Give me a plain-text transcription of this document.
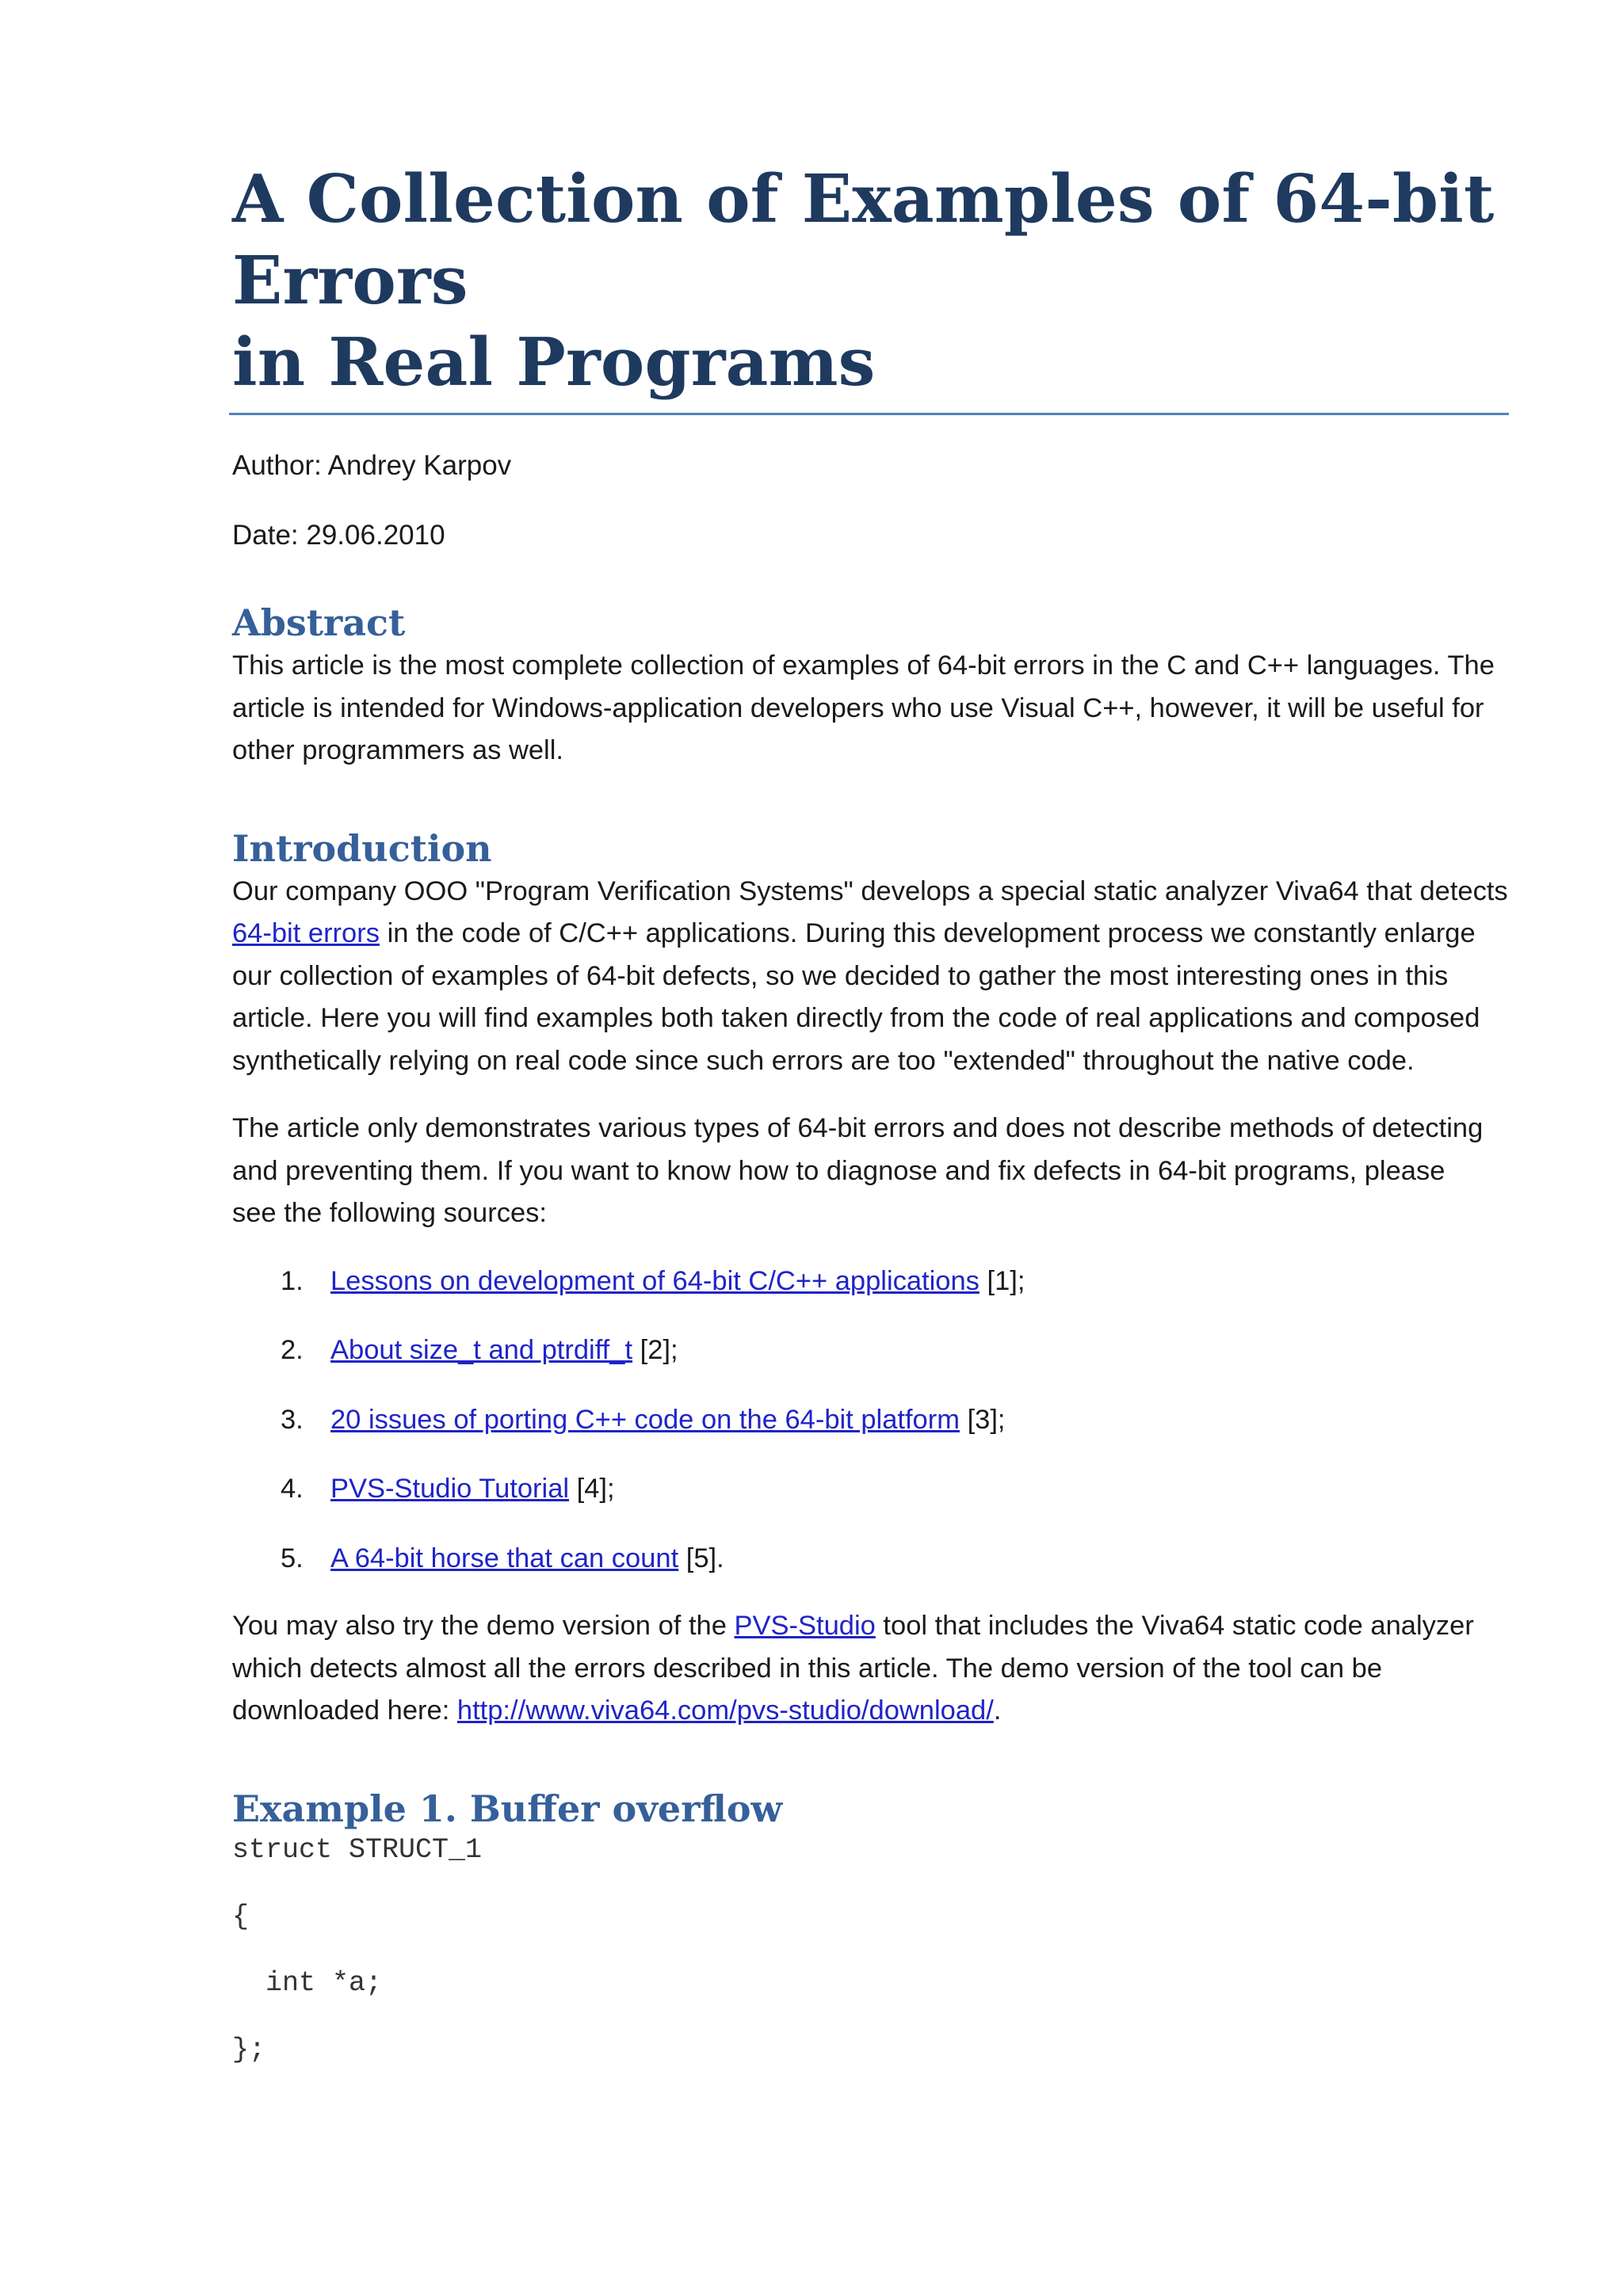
A Collection of Examples of 64-bit Errors
in Real Programs

Author: Andrey Karpov

Date: 29.06.2010

Abstract

This article is the most complete collection of examples of 64-bit errors in the C and C++ languages. The
article is intended for Windows-application developers who use Visual C++, however, it will be useful for
other programmers as well.

Introduction

Our company OOO "Program Verification Systems" develops a special static analyzer Viva64 that detects
64-bit errors in the code of C/C++ applications. During this development process we constantly enlarge
our collection of examples of 64-bit defects, so we decided to gather the most interesting ones in this
article. Here you will find examples both taken directly from the code of real applications and composed
synthetically relying on real code since such errors are too "extended" throughout the native code.

The article only demonstrates various types of 64-bit errors and does not describe methods of detecting
and preventing them. If you want to know how to diagnose and fix defects in 64-bit programs, please
see the following sources:

1. Lessons on development of 64-bit C/C++ applications [1];
2. About size_t and ptrdiff_t [2];
3. 20 issues of porting C++ code on the 64-bit platform [3];
4. PVS-Studio Tutorial [4];
5. A 64-bit horse that can count [5].

You may also try the demo version of the PVS-Studio tool that includes the Viva64 static code analyzer
which detects almost all the errors described in this article. The demo version of the tool can be
downloaded here: http://www.viva64.com/pvs-studio/download/.

Example 1. Buffer overflow

struct STRUCT_1

{

int *a;

};
